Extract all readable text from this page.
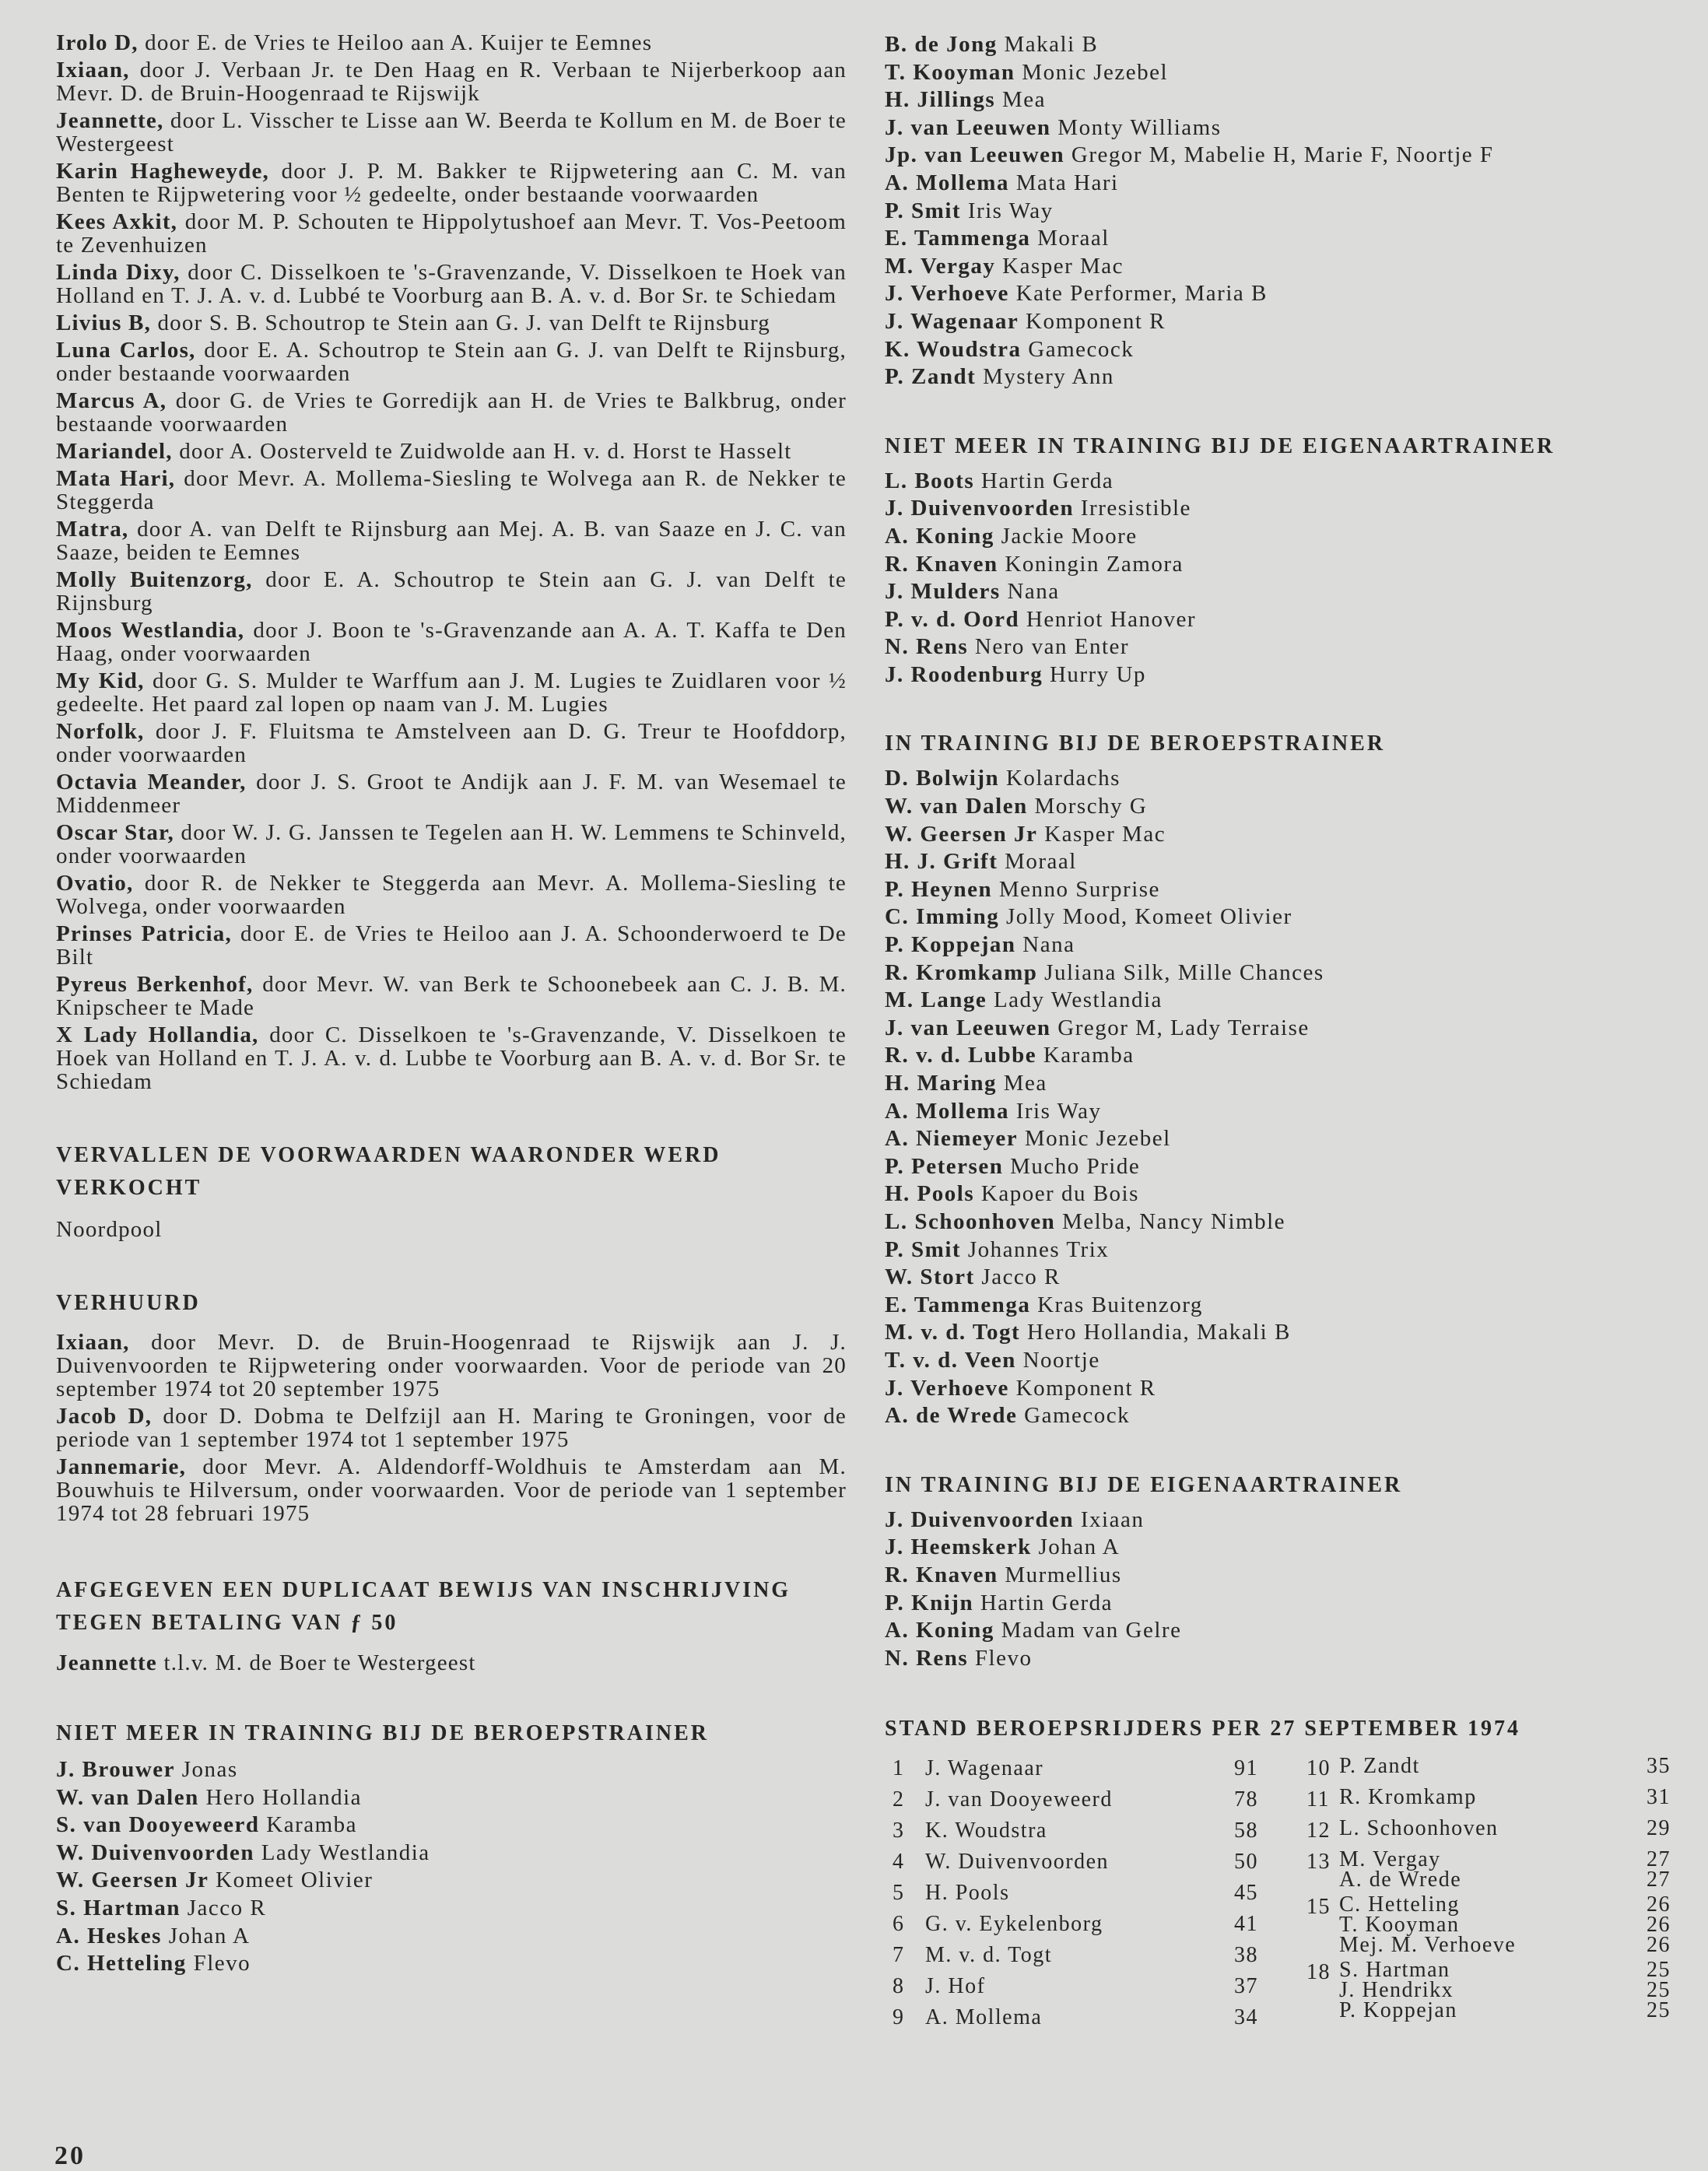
Irolo D, door E. de Vries te Heiloo aan A. Kuijer te Eemnes

Ixiaan, door J. Verbaan Jr. te Den Haag en R. Verbaan te Nijerberkoop aan Mevr. D. de Bruin-Hoogenraad te Rijswijk

Jeannette, door L. Visscher te Lisse aan W. Beerda te Kollum en M. de Boer te Westergeest

Karin Hagheweyde, door J. P. M. Bakker te Rijpwetering aan C. M. van Benten te Rijpwetering voor ½ gedeelte, onder bestaande voorwaarden

Kees Axkit, door M. P. Schouten te Hippolytushoef aan Mevr. T. Vos-Peetoom te Zevenhuizen

Linda Dixy, door C. Disselkoen te 's-Gravenzande, V. Disselkoen te Hoek van Holland en T. J. A. v. d. Lubbé te Voorburg aan B. A. v. d. Bor Sr. te Schiedam

Livius B, door S. B. Schoutrop te Stein aan G. J. van Delft te Rijnsburg

Luna Carlos, door E. A. Schoutrop te Stein aan G. J. van Delft te Rijnsburg, onder bestaande voorwaarden

Marcus A, door G. de Vries te Gorredijk aan H. de Vries te Balkbrug, onder bestaande voorwaarden

Mariandel, door A. Oosterveld te Zuidwolde aan H. v. d. Horst te Hasselt

Mata Hari, door Mevr. A. Mollema-Siesling te Wolvega aan R. de Nekker te Steggerda

Matra, door A. van Delft te Rijnsburg aan Mej. A. B. van Saaze en J. C. van Saaze, beiden te Eemnes

Molly Buitenzorg, door E. A. Schoutrop te Stein aan G. J. van Delft te Rijnsburg

Moos Westlandia, door J. Boon te 's-Gravenzande aan A. A. T. Kaffa te Den Haag, onder voorwaarden

My Kid, door G. S. Mulder te Warffum aan J. M. Lugies te Zuidlaren voor ½ gedeelte. Het paard zal lopen op naam van J. M. Lugies

Norfolk, door J. F. Fluitsma te Amstelveen aan D. G. Treur te Hoofddorp, onder voorwaarden

Octavia Meander, door J. S. Groot te Andijk aan J. F. M. van Wesemael te Middenmeer

Oscar Star, door W. J. G. Janssen te Tegelen aan H. W. Lemmens te Schinveld, onder voorwaarden

Ovatio, door R. de Nekker te Steggerda aan Mevr. A. Mollema-Siesling te Wolvega, onder voorwaarden

Prinses Patricia, door E. de Vries te Heiloo aan J. A. Schoonderwoerd te De Bilt

Pyreus Berkenhof, door Mevr. W. van Berk te Schoonebeek aan C. J. B. M. Knipscheer te Made

X Lady Hollandia, door C. Disselkoen te 's-Gravenzande, V. Disselkoen te Hoek van Holland en T. J. A. v. d. Lubbe te Voorburg aan B. A. v. d. Bor Sr. te Schiedam

VERVALLEN DE VOORWAARDEN WAARONDER WERD VERKOCHT

Noordpool

VERHUURD

Ixiaan, door Mevr. D. de Bruin-Hoogenraad te Rijswijk aan J. J. Duivenvoorden te Rijpwetering onder voorwaarden. Voor de periode van 20 september 1974 tot 20 september 1975

Jacob D, door D. Dobma te Delfzijl aan H. Maring te Groningen, voor de periode van 1 september 1974 tot 1 september 1975

Jannemarie, door Mevr. A. Aldendorff-Woldhuis te Amsterdam aan M. Bouwhuis te Hilversum, onder voorwaarden. Voor de periode van 1 september 1974 tot 28 februari 1975

AFGEGEVEN EEN DUPLICAAT BEWIJS VAN INSCHRIJVING TEGEN BETALING VAN ƒ 50

Jeannette t.l.v. M. de Boer te Westergeest

NIET MEER IN TRAINING BIJ DE BEROEPSTRAINER

J. Brouwer Jonas
W. van Dalen Hero Hollandia
S. van Dooyeweerd Karamba
W. Duivenvoorden Lady Westlandia
W. Geersen Jr Komeet Olivier
S. Hartman Jacco R
A. Heskes Johan A
C. Hetteling Flevo
B. de Jong Makali B
T. Kooyman Monic Jezebel
H. Jillings Mea
J. van Leeuwen Monty Williams
Jp. van Leeuwen Gregor M, Mabelie H, Marie F, Noortje F
A. Mollema Mata Hari
P. Smit Iris Way
E. Tammenga Moraal
M. Vergay Kasper Mac
J. Verhoeve Kate Performer, Maria B
J. Wagenaar Komponent R
K. Woudstra Gamecock
P. Zandt Mystery Ann

NIET MEER IN TRAINING BIJ DE EIGENAARTRAINER

L. Boots Hartin Gerda
J. Duivenvoorden Irresistible
A. Koning Jackie Moore
R. Knaven Koningin Zamora
J. Mulders Nana
P. v. d. Oord Henriot Hanover
N. Rens Nero van Enter
J. Roodenburg Hurry Up

IN TRAINING BIJ DE BEROEPSTRAINER

D. Bolwijn Kolardachs
W. van Dalen Morschy G
W. Geersen Jr Kasper Mac
H. J. Grift Moraal
P. Heynen Menno Surprise
C. Imming Jolly Mood, Komeet Olivier
P. Koppejan Nana
R. Kromkamp Juliana Silk, Mille Chances
M. Lange Lady Westlandia
J. van Leeuwen Gregor M, Lady Terraise
R. v. d. Lubbe Karamba
H. Maring Mea
A. Mollema Iris Way
A. Niemeyer Monic Jezebel
P. Petersen Mucho Pride
H. Pools Kapoer du Bois
L. Schoonhoven Melba, Nancy Nimble
P. Smit Johannes Trix
W. Stort Jacco R
E. Tammenga Kras Buitenzorg
M. v. d. Togt Hero Hollandia, Makali B
T. v. d. Veen Noortje
J. Verhoeve Komponent R
A. de Wrede Gamecock

IN TRAINING BIJ DE EIGENAARTRAINER

J. Duivenvoorden Ixiaan
J. Heemskerk Johan A
R. Knaven Murmellius
P. Knijn Hartin Gerda
A. Koning Madam van Gelre
N. Rens Flevo

STAND BEROEPSRIJDERS PER 27 SEPTEMBER 1974

1 J. Wagenaar	91
2 J. van Dooyeweerd	78
3 K. Woudstra	58
4 W. Duivenvoorden	50
5 H. Pools	45
6 G. v. Eykelenborg	41
7 M. v. d. Togt	38
8 J. Hof	37
9 A. Mollema	34
10 P. Zandt	35
11 R. Kromkamp	31
12 L. Schoonhoven	29
13 M. Vergay	27
A. de Wrede	27
15 C. Hetteling	26
T. Kooyman	26
Mej. M. Verhoeve	26
18 S. Hartman	25
J. Hendrikx	25
P. Koppejan	25
20
